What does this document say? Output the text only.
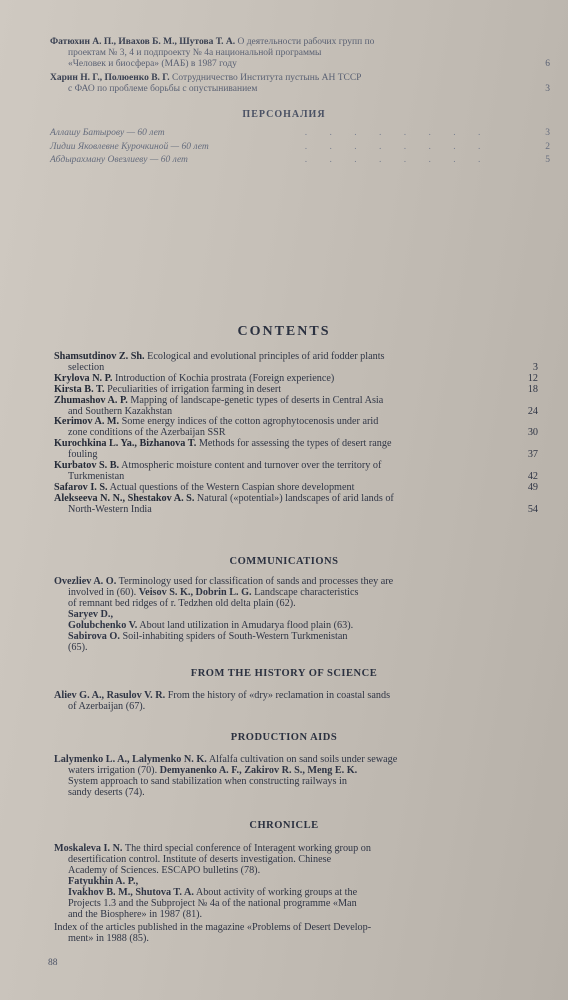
Фатюхин А. П., Ивахов Б. М., Шутова Т. А. О деятельности рабочих групп по
проектам № 3, 4 и подпроекту № 4а национальной программы
«Человек и биосфера» (МАБ) в 1987 году	6
Харин Н. Г., Полюенко В. Г. Сотрудничество Института пустынь АН ТССР
с ФАО по проблеме борьбы с опустыниванием	3
ПЕРСОНАЛИЯ
Аллашу Батырову — 60 лет	. . . . . . . .	3
Лидии Яковлевне Курочкиной — 60 лет	. . . . . . . .	2
Абдырахману Овезлиеву — 60 лет	. . . . . . . .	5
CONTENTS
Shamsutdinov Z. Sh. Ecological and evolutional principles of arid fodder plants
selection	3
Krylova N. P. Introduction of Kochia prostrata (Foreign experience)	12
Kirsta B. T. Peculiarities of irrigation farming in desert	18
Zhumashov A. P. Mapping of landscape-genetic types of deserts in Central Asia
and Southern Kazakhstan	24
Kerimov A. M. Some energy indices of the cotton agrophytocenosis under arid
zone conditions of the Azerbaijan SSR	30
Kurochkina L. Ya., Bizhanova T. Methods for assessing the types of desert range
fouling	37
Kurbatov S. B. Atmospheric moisture content and turnover over the territory of
Turkmenistan	42
Safarov I. S. Actual questions of the Western Caspian shore development	49
Alekseeva N. N., Shestakov A. S. Natural («potential») landscapes of arid lands of
North-Western India	54
COMMUNICATIONS
Ovezliev A. O. Terminology used for classification of sands and processes they are
involved in (60). Veisov S. K., Dobrin L. G. Landscape characteristics
of remnant bed ridges of r. Tedzhen old delta plain (62).
Saryev D.,
Golubchenko V. About land utilization in Amudarya flood plain (63).
Sabirova O. Soil-inhabiting spiders of South-Western Turkmenistan
(65).
FROM THE HISTORY OF SCIENCE
Aliev G. A., Rasulov V. R. From the history of «dry» reclamation in coastal sands
of Azerbaijan (67).
PRODUCTION AIDS
Lalymenko L. A., Lalymenko N. K. Alfalfa cultivation on sand soils under sewage
waters irrigation (70). Demyanenko A. F., Zakirov R. S., Meng E. K.
System approach to sand stabilization when constructing railways in
sandy deserts (74).
CHRONICLE
Moskaleva I. N. The third special conference of Interagent working group on
desertification control. Institute of deserts investigation. Chinese
Academy of Sciences. ESCAPO bulletins (78).
Fatyukhin A. P.,
Ivakhov B. M., Shutova T. A. About activity of working groups at the
Projects 1.3 and the Subproject № 4a of the national programme «Man
and the Biosphere» in 1987 (81).
Index of the articles published in the magazine «Problems of Desert Develop-
ment» in 1988 (85).
88
